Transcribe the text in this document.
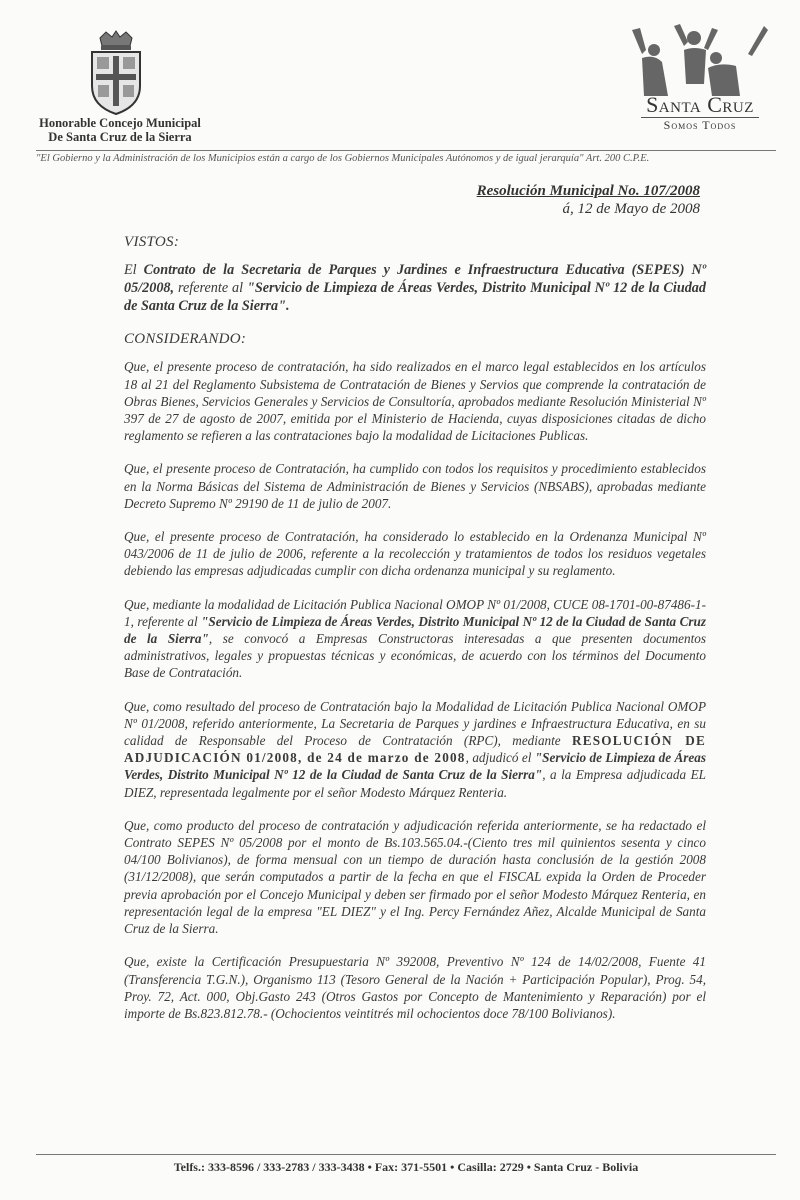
Honorable Concejo Municipal
De Santa Cruz de la Sierra
Santa Cruz
Somos Todos
"El Gobierno y la Administración de los Municipios están a cargo de los Gobiernos Municipales Autónomos y de igual jerarquía" Art. 200 C.P.E.
Resolución Municipal No. 107/2008
á, 12 de Mayo de 2008
VISTOS:

El Contrato de la Secretaria de Parques y Jardines e Infraestructura Educativa (SEPES) Nº 05/2008, referente al "Servicio de Limpieza de Áreas Verdes, Distrito Municipal Nº 12 de la Ciudad de Santa Cruz de la Sierra".

CONSIDERANDO:

Que, el presente proceso de contratación, ha sido realizados en el marco legal establecidos en los artículos 18 al 21 del Reglamento Subsistema de Contratación de Bienes y Servios que comprende la contratación de Obras Bienes, Servicios Generales y Servicios de Consultoría, aprobados mediante Resolución Ministerial Nº 397 de 27 de agosto de 2007, emitida por el Ministerio de Hacienda, cuyas disposiciones citadas de dicho reglamento se refieren a las contrataciones bajo la modalidad de Licitaciones Publicas.

Que, el presente proceso de Contratación, ha cumplido con todos los requisitos y procedimiento establecidos en la Norma Básicas del Sistema de Administración de Bienes y Servicios (NBSABS), aprobadas mediante Decreto Supremo Nº 29190 de 11 de julio de 2007.

Que, el presente proceso de Contratación, ha considerado lo establecido en la Ordenanza Municipal Nº 043/2006 de 11 de julio de 2006, referente a la recolección y tratamientos de todos los residuos vegetales debiendo las empresas adjudicadas cumplir con dicha ordenanza municipal y su reglamento.

Que, mediante la modalidad de Licitación Publica Nacional OMOP Nº 01/2008, CUCE 08-1701-00-87486-1-1, referente al "Servicio de Limpieza de Áreas Verdes, Distrito Municipal Nº 12 de la Ciudad de Santa Cruz de la Sierra", se convocó a Empresas Constructoras interesadas a que presenten documentos administrativos, legales y propuestas técnicas y económicas, de acuerdo con los términos del Documento Base de Contratación.

Que, como resultado del proceso de Contratación bajo la Modalidad de Licitación Publica Nacional OMOP Nº 01/2008, referido anteriormente, La Secretaria de Parques y jardines e Infraestructura Educativa, en su calidad de Responsable del Proceso de Contratación (RPC), mediante RESOLUCIÓN DE ADJUDICACIÓN 01/2008, de 24 de marzo de 2008, adjudicó el "Servicio de Limpieza de Áreas Verdes, Distrito Municipal Nº 12 de la Ciudad de Santa Cruz de la Sierra", a la Empresa adjudicada EL DIEZ, representada legalmente por el señor Modesto Márquez Renteria.

Que, como producto del proceso de contratación y adjudicación referida anteriormente, se ha redactado el Contrato SEPES Nº 05/2008 por el monto de Bs.103.565.04.-(Ciento tres mil quinientos sesenta y cinco 04/100 Bolivianos), de forma mensual con un tiempo de duración hasta conclusión de la gestión 2008 (31/12/2008), que serán computados a partir de la fecha en que el FISCAL expida la Orden de Proceder previa aprobación por el Concejo Municipal y deben ser firmado por el señor Modesto Márquez Renteria, en representación legal de la empresa "EL DIEZ" y el Ing. Percy Fernández Añez, Alcalde Municipal de Santa Cruz de la Sierra.

Que, existe la Certificación Presupuestaria Nº 392008, Preventivo Nº 124 de 14/02/2008, Fuente 41 (Transferencia T.G.N.), Organismo 113 (Tesoro General de la Nación + Participación Popular), Prog. 54, Proy. 72, Act. 000, Obj.Gasto 243 (Otros Gastos por Concepto de Mantenimiento y Reparación) por el importe de Bs.823.812.78.- (Ochocientos veintitrés mil ochocientos doce 78/100 Bolivianos).

Telfs.: 333-8596 / 333-2783 / 333-3438 • Fax: 371-5501 • Casilla: 2729 • Santa Cruz - Bolivia
